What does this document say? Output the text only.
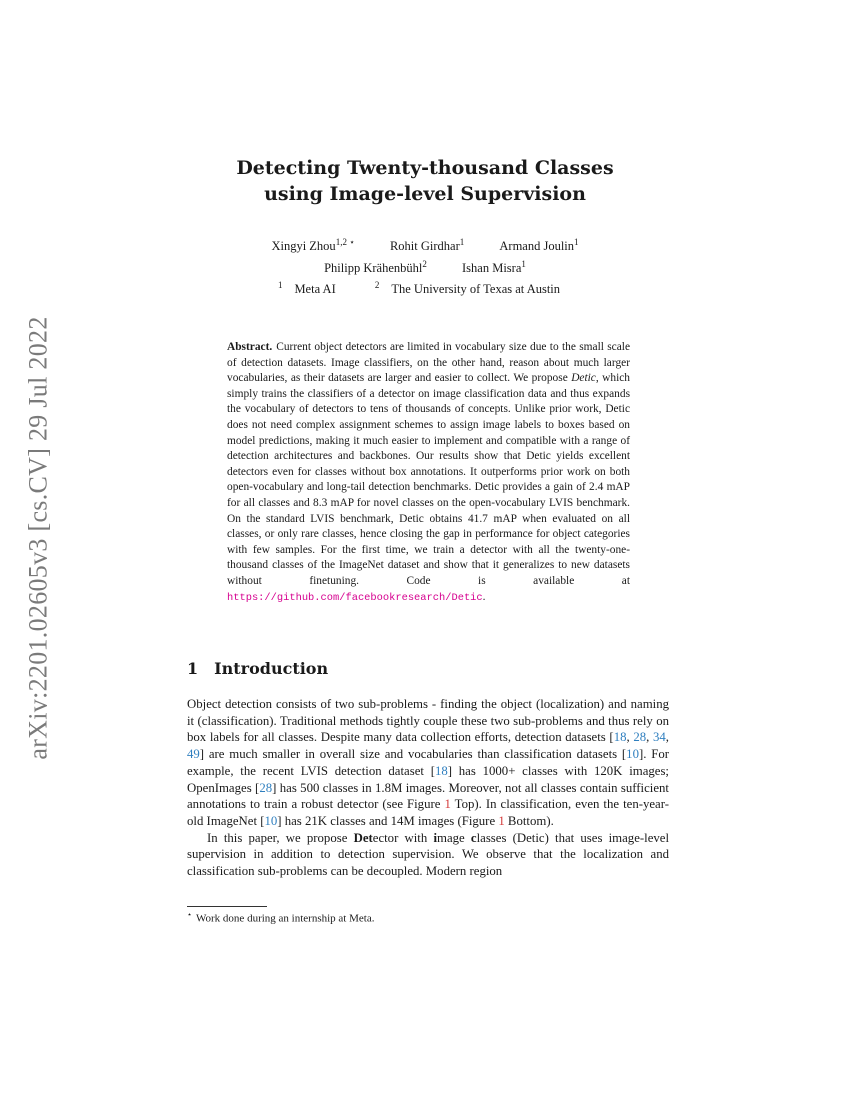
arXiv:2201.02605v3 [cs.CV] 29 Jul 2022
Detecting Twenty-thousand Classes
using Image-level Supervision
Xingyi Zhou$^{1,2 ⋆}$	Rohit Girdhar$^1$	Armand Joulin$^1$
Philipp Krähenbühl$^2$	Ishan Misra$^1$
$^1$ Meta AI	$^2$ The University of Texas at Austin
Abstract. Current object detectors are limited in vocabulary size due to the small scale of detection datasets. Image classifiers, on the other hand, reason about much larger vocabularies, as their datasets are larger and easier to collect. We propose Detic, which simply trains the classifiers of a detector on image classification data and thus expands the vocabulary of detectors to tens of thousands of concepts. Unlike prior work, Detic does not need complex assignment schemes to assign image labels to boxes based on model predictions, making it much easier to implement and compatible with a range of detection architectures and backbones. Our results show that Detic yields excellent detectors even for classes without box annotations. It outperforms prior work on both open-vocabulary and long-tail detection benchmarks. Detic provides a gain of 2.4 mAP for all classes and 8.3 mAP for novel classes on the open-vocabulary LVIS benchmark. On the standard LVIS benchmark, Detic obtains 41.7 mAP when evaluated on all classes, or only rare classes, hence closing the gap in performance for object categories with few samples. For the first time, we train a detector with all the twenty-one-thousand classes of the ImageNet dataset and show that it generalizes to new datasets without finetuning. Code is available at https://github.com/facebookresearch/Detic.
1 Introduction

Object detection consists of two sub-problems - finding the object (localization) and naming it (classification). Traditional methods tightly couple these two sub-problems and thus rely on box labels for all classes. Despite many data collection efforts, detection datasets [18, 28, 34, 49] are much smaller in overall size and vocabularies than classification datasets [10]. For example, the recent LVIS detection dataset [18] has 1000+ classes with 120K images; OpenImages [28] has 500 classes in 1.8M images. Moreover, not all classes contain sufficient annotations to train a robust detector (see Figure 1 Top). In classification, even the ten-year-old ImageNet [10] has 21K classes and 14M images (Figure 1 Bottom).

In this paper, we propose Detector with image classes (Detic) that uses image-level supervision in addition to detection supervision. We observe that the localization and classification sub-problems can be decoupled. Modern region

⋆ Work done during an internship at Meta.
